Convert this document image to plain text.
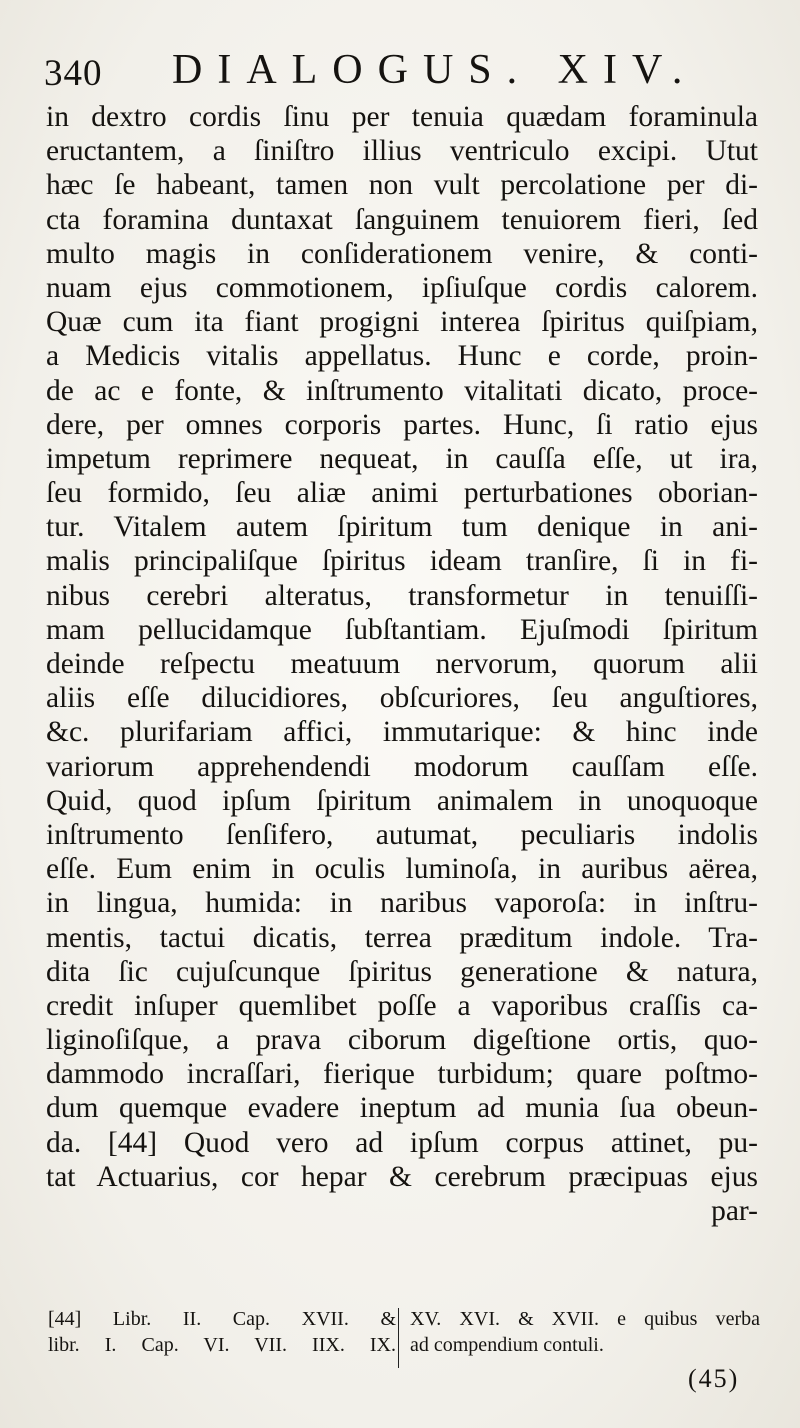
340 DIALOGUS. XIV.
in dextro cordis ſinu per tenuia quædam foraminula
eructantem, a ſiniſtro illius ventriculo excipi. Utut
hæc ſe habeant, tamen non vult percolatione per di-
cta foramina duntaxat ſanguinem tenuiorem fieri, ſed
multo magis in conſiderationem venire, & conti-
nuam ejus commotionem, ipſiuſque cordis calorem.
Quæ cum ita fiant progigni interea ſpiritus quiſpiam,
a Medicis vitalis appellatus. Hunc e corde, proin-
de ac e fonte, & inſtrumento vitalitati dicato, proce-
dere, per omnes corporis partes. Hunc, ſi ratio ejus
impetum reprimere nequeat, in cauſſa eſſe, ut ira,
ſeu formido, ſeu aliæ animi perturbationes oborian-
tur. Vitalem autem ſpiritum tum denique in ani-
malis principaliſque ſpiritus ideam tranſire, ſi in fi-
nibus cerebri alteratus, transformetur in tenuiſſi-
mam pellucidamque ſubſtantiam. Ejuſmodi ſpiritum
deinde reſpectu meatuum nervorum, quorum alii
aliis eſſe dilucidiores, obſcuriores, ſeu anguſtiores,
&c. plurifariam affici, immutarique: & hinc inde
variorum apprehendendi modorum cauſſam eſſe.
Quid, quod ipſum ſpiritum animalem in unoquoque
inſtrumento ſenſifero, autumat, peculiaris indolis
eſſe. Eum enim in oculis luminoſa, in auribus aërea,
in lingua, humida: in naribus vaporoſa: in inſtru-
mentis, tactui dicatis, terrea præditum indole. Tra-
dita ſic cujuſcunque ſpiritus generatione & natura,
credit inſuper quemlibet poſſe a vaporibus craſſis ca-
liginoſiſque, a prava ciborum digeſtione ortis, quo-
dammodo incraſſari, fierique turbidum; quare poſtmo-
dum quemque evadere ineptum ad munia ſua obeun-
da. [44] Quod vero ad ipſum corpus attinet, pu-
tat Actuarius, cor hepar & cerebrum præcipuas ejus
par-
[44] Libr. II. Cap. XVII. &
libr. I. Cap. VI. VII. IIX. IX.
XV. XVI. & XVII. e quibus verba
ad compendium contuli.
(45)
